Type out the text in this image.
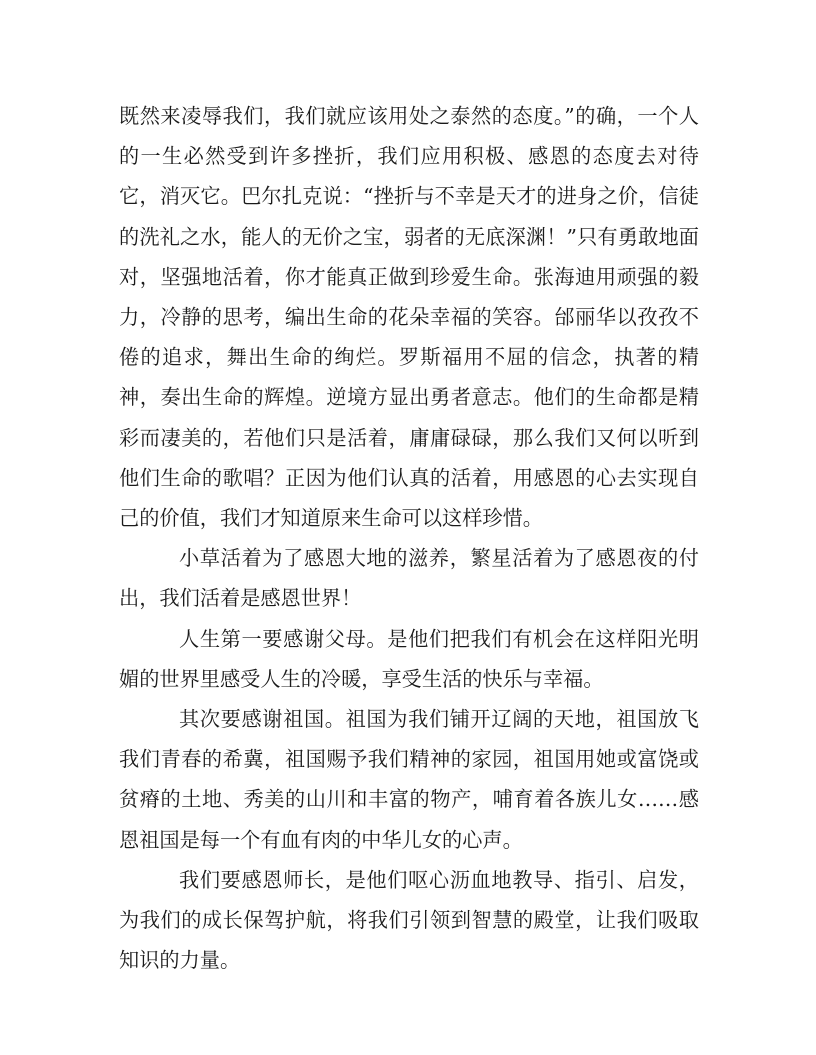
既然来凌辱我们，我们就应该用处之泰然的态度。”的确，一个人的一生必然受到许多挫折，我们应用积极、感恩的态度去对待它，消灭它。巴尔扎克说：“挫折与不幸是天才的进身之价，信徒的洗礼之水，能人的无价之宝，弱者的无底深渊！”只有勇敢地面对，坚强地活着，你才能真正做到珍爱生命。张海迪用顽强的毅力，冷静的思考，编出生命的花朵幸福的笑容。邰丽华以孜孜不倦的追求，舞出生命的绚烂。罗斯福用不屈的信念，执著的精神，奏出生命的辉煌。逆境方显出勇者意志。他们的生命都是精彩而凄美的，若他们只是活着，庸庸碌碌，那么我们又何以听到他们生命的歌唱？正因为他们认真的活着，用感恩的心去实现自己的价值，我们才知道原来生命可以这样珍惜。

小草活着为了感恩大地的滋养，繁星活着为了感恩夜的付出，我们活着是感恩世界！

人生第一要感谢父母。是他们把我们有机会在这样阳光明媚的世界里感受人生的冷暖，享受生活的快乐与幸福。

其次要感谢祖国。祖国为我们铺开辽阔的天地，祖国放飞我们青春的希冀，祖国赐予我们精神的家园，祖国用她或富饶或贫瘠的土地、秀美的山川和丰富的物产，哺育着各族儿女……感恩祖国是每一个有血有肉的中华儿女的心声。

我们要感恩师长，是他们呕心沥血地教导、指引、启发，为我们的成长保驾护航，将我们引领到智慧的殿堂，让我们吸取知识的力量。
